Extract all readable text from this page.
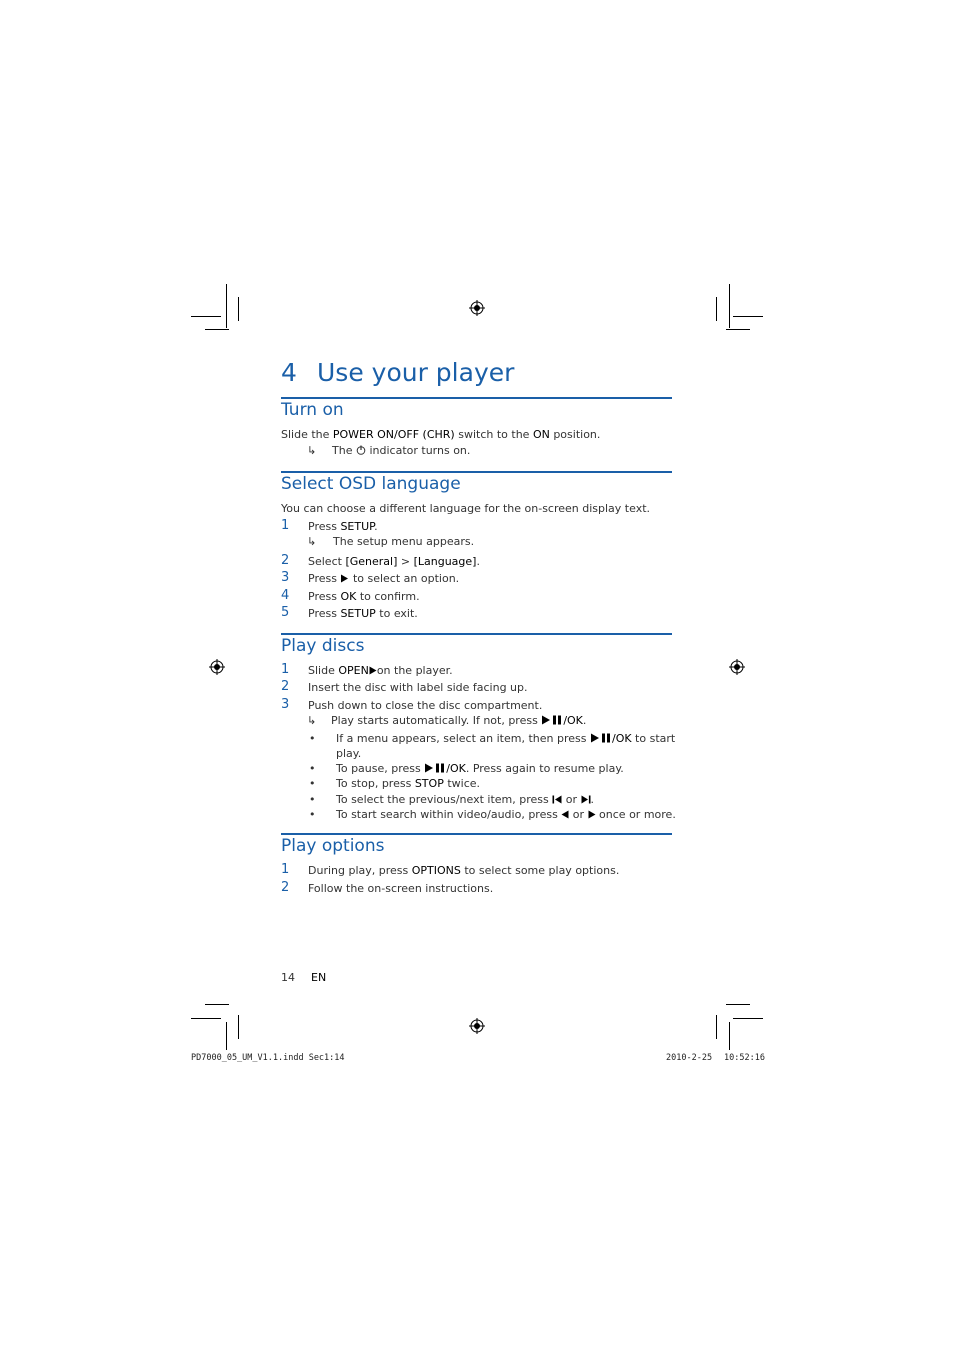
4 Use your player
Turn on
Slide the POWER ON/OFF (CHR) switch to the ON position.
↳ The  indicator turns on.
Select OSD language
You can choose a different language for the on-screen display text.
1 Press SETUP.
↳ The setup menu appears.
2 Select [General] > [Language].
3 Press  to select an option.
4 Press OK to confirm.
5 Press SETUP to exit.
Play discs
1 Slide OPEN on the player.
2 Insert the disc with label side facing up.
3 Push down to close the disc compartment.
↳ Play starts automatically. If not, press /OK.
• If a menu appears, select an item, then press /OK to start
play.
• To pause, press /OK. Press again to resume play.
• To stop, press STOP twice.
• To select the previous/next item, press  or .
• To start search within video/audio, press  or  once or more.
Play options
1 During play, press OPTIONS to select some play options.
2 Follow the on-screen instructions.
14 EN
PD7000_05_UM_V1.1.indd Sec1:14	2010-2-25 10:52:16
